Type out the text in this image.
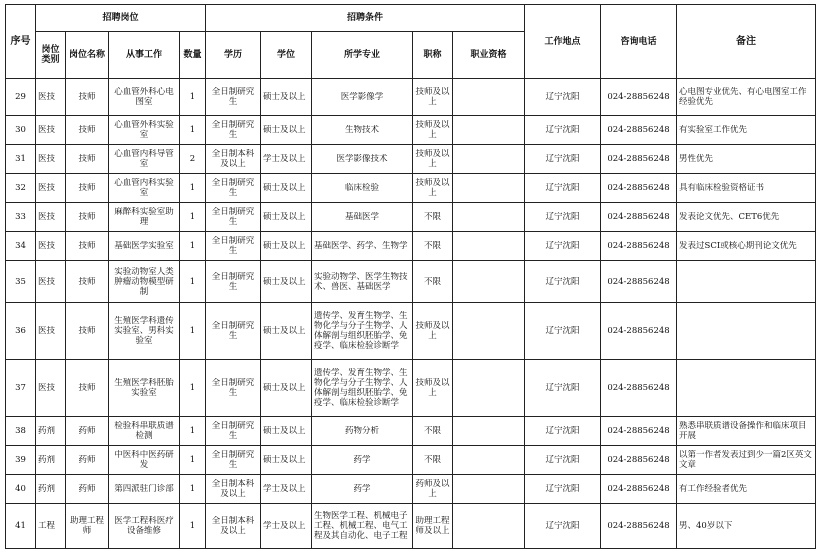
序号	招聘岗位				招聘条件					工作地点	咨询电话	备注
	岗位类别	岗位名称	从事工作	数量	学历	学位	所学专业	职称	职业资格			

29	医技	技师	心血管外科心电图室	1	全日制研究生	硕士及以上	医学影像学	技师及以上		辽宁沈阳	024-28856248	心电图专业优先、有心电图室工作经验优先

30	医技	技师	心血管外科实验室	1	全日制研究生	硕士及以上	生物技术	技师及以上		辽宁沈阳	024-28856248	有实验室工作优先

31	医技	技师	心血管内科导管室	2	全日制本科及以上	学士及以上	医学影像技术	技师及以上		辽宁沈阳	024-28856248	男性优先

32	医技	技师	心血管内科实验室	1	全日制研究生	硕士及以上	临床检验	技师及以上		辽宁沈阳	024-28856248	具有临床检验资格证书

33	医技	技师	麻醉科实验室助理	1	全日制研究生	硕士及以上	基础医学	不限		辽宁沈阳	024-28856248	发表论文优先、CET6优先

34	医技	技师	基础医学实验室	1	全日制研究生	硕士及以上	基础医学、药学、生物学	不限		辽宁沈阳	024-28856248	发表过SCI或核心期刊论文优先

35	医技	技师	实验动物室人类肿瘤动物模型研制	1	全日制研究生	硕士及以上	实验动物学、医学生物技术、兽医、基础医学	不限		辽宁沈阳	024-28856248	

36	医技	技师	生殖医学科遗传实验室、男科实验室	1	全日制研究生	硕士及以上	遗传学、发育生物学、生物化学与分子生物学、人体解剖与组织胚胎学、免疫学、临床检验诊断学	技师及以上		辽宁沈阳	024-28856248	

37	医技	技师	生殖医学科胚胎实验室	1	全日制研究生	硕士及以上	遗传学、发育生物学、生物化学与分子生物学、人体解剖与组织胚胎学、免疫学、临床检验诊断学	技师及以上		辽宁沈阳	024-28856248	

38	药剂	药师	检验科串联质谱检测	1	全日制研究生	硕士及以上	药物分析	不限		辽宁沈阳	024-28856248	熟悉串联质谱设备操作和临床项目开展

39	药剂	药师	中医科中医药研发	1	全日制研究生	硕士及以上	药学	不限		辽宁沈阳	024-28856248	以第一作者发表过到少一篇2区英文文章

40	药剂	药师	第四派驻门诊部	1	全日制本科及以上	学士及以上	药学	药师及以上		辽宁沈阳	024-28856248	有工作经验者优先

41	工程	助理工程师	医学工程科医疗设备维修	1	全日制本科及以上	学士及以上	生物医学工程、机械电子工程、机械工程、电气工程及其自动化、电子工程	助理工程师及以上		辽宁沈阳	024-28856248	男、40岁以下
